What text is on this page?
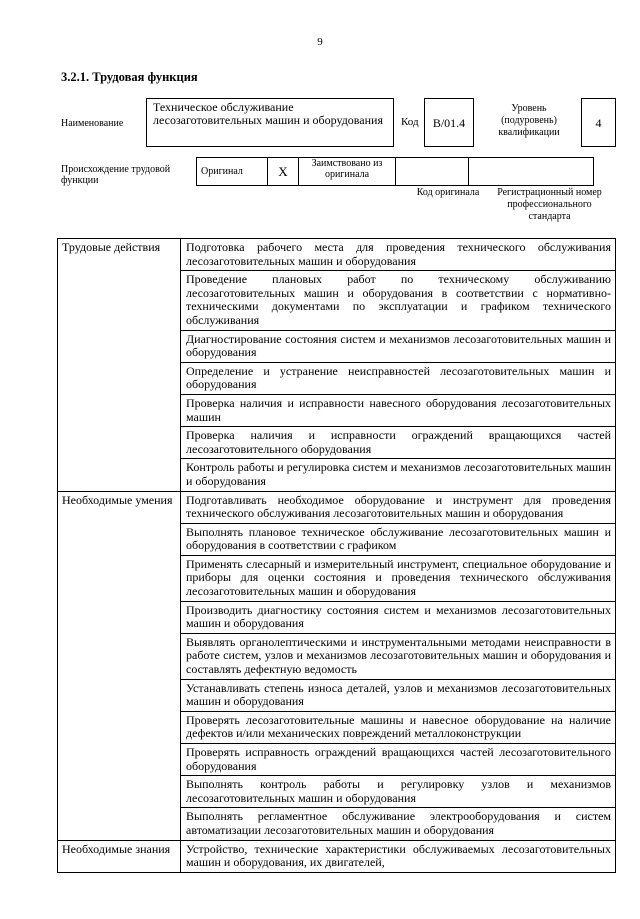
9
3.2.1. Трудовая функция
Наименование
Техническое обслуживание лесозаготовительных машин и оборудования	Код	B/01.4
Уровень (подуровень) квалификации
4
Происхождение трудовой функции
Оригинал	X	Заимствовано из оригинала		
Код оригинала	Регистрационный номер профессионального стандарта
Трудовые действия	Подготовка рабочего места для проведения технического обслуживания лесозаготовительных машин и оборудования
	Проведение плановых работ по техническому обслуживанию лесозаготовительных машин и оборудования в соответствии с нормативно-техническими документами по эксплуатации и графиком технического обслуживания
	Диагностирование состояния систем и механизмов лесозаготовительных машин и оборудования
	Определение и устранение неисправностей лесозаготовительных машин и оборудования
	Проверка наличия и исправности навесного оборудования лесозаготовительных машин
	Проверка наличия и исправности ограждений вращающихся частей лесозаготовительного оборудования
	Контроль работы и регулировка систем и механизмов лесозаготовительных машин и оборудования
Необходимые умения	Подготавливать необходимое оборудование и инструмент для проведения технического обслуживания лесозаготовительных машин и оборудования
	Выполнять плановое техническое обслуживание лесозаготовительных машин и оборудования в соответствии с графиком
	Применять слесарный и измерительный инструмент, специальное оборудование и приборы для оценки состояния и проведения технического обслуживания лесозаготовительных машин и оборудования
	Производить диагностику состояния систем и механизмов лесозаготовительных машин и оборудования
	Выявлять органолептическими и инструментальными методами неисправности в работе систем, узлов и механизмов лесозаготовительных машин и оборудования и составлять дефектную ведомость
	Устанавливать степень износа деталей, узлов и механизмов лесозаготовительных машин и оборудования
	Проверять лесозаготовительные машины и навесное оборудование на наличие дефектов и/или механических повреждений металлоконструкции
	Проверять исправность ограждений вращающихся частей лесозаготовительного оборудования
	Выполнять контроль работы и регулировку узлов и механизмов лесозаготовительных машин и оборудования
	Выполнять регламентное обслуживание электрооборудования и систем автоматизации лесозаготовительных машин и оборудования
Необходимые знания	Устройство, технические характеристики обслуживаемых лесозаготовительных машин и оборудования, их двигателей,
